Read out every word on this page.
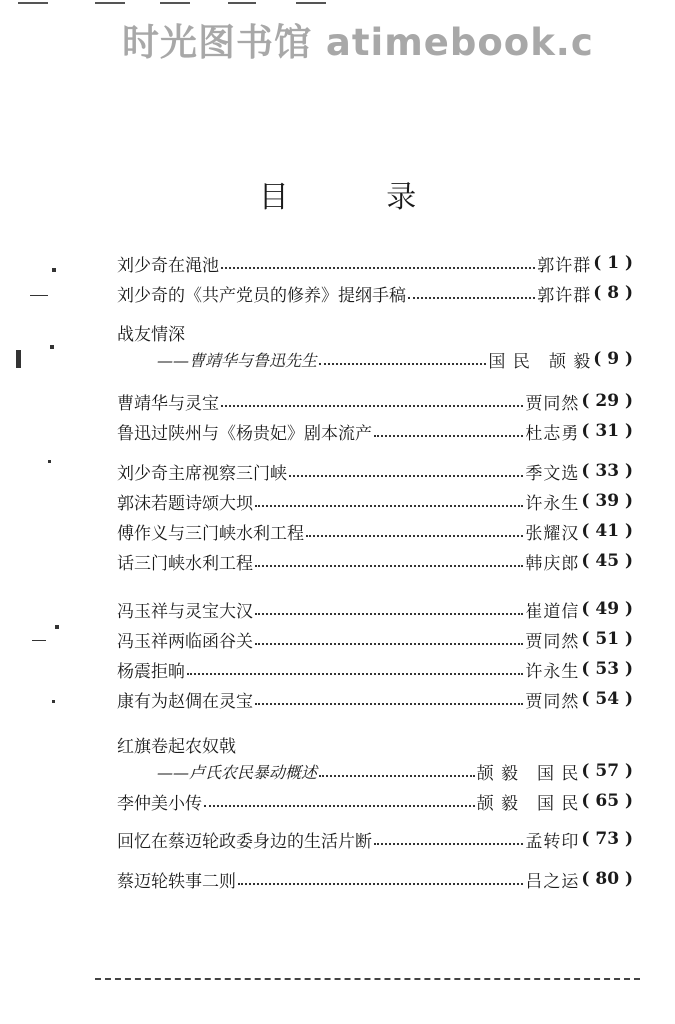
时光图书馆 atimebook.c
目 录
刘少奇在渑池	郭许群 ( 1 )
刘少奇的《共产党员的修养》提纲手稿	郭许群 ( 8 )
战友情深
——曹靖华与鲁迅先生	国 民　颉 毅 ( 9 )
曹靖华与灵宝	贾同然 ( 29 )
鲁迅过陕州与《杨贵妃》剧本流产	杜志勇 ( 31 )
刘少奇主席视察三门峡	季文选 ( 33 )
郭沫若题诗颂大坝	许永生 ( 39 )
傅作义与三门峡水利工程	张耀汉 ( 41 )
话三门峡水利工程	韩庆郎 ( 45 )
冯玉祥与灵宝大汉	崔道信 ( 49 )
冯玉祥两临函谷关	贾同然 ( 51 )
杨震拒晌	许永生 ( 53 )
康有为赵倜在灵宝	贾同然 ( 54 )
红旗卷起农奴戟
——卢氏农民暴动概述	颉 毅　国 民 ( 57 )
李仲美小传	颉 毅　国 民 ( 65 )
回忆在蔡迈轮政委身边的生活片断	孟转印 ( 73 )
蔡迈轮轶事二则	吕之运 ( 80 )
